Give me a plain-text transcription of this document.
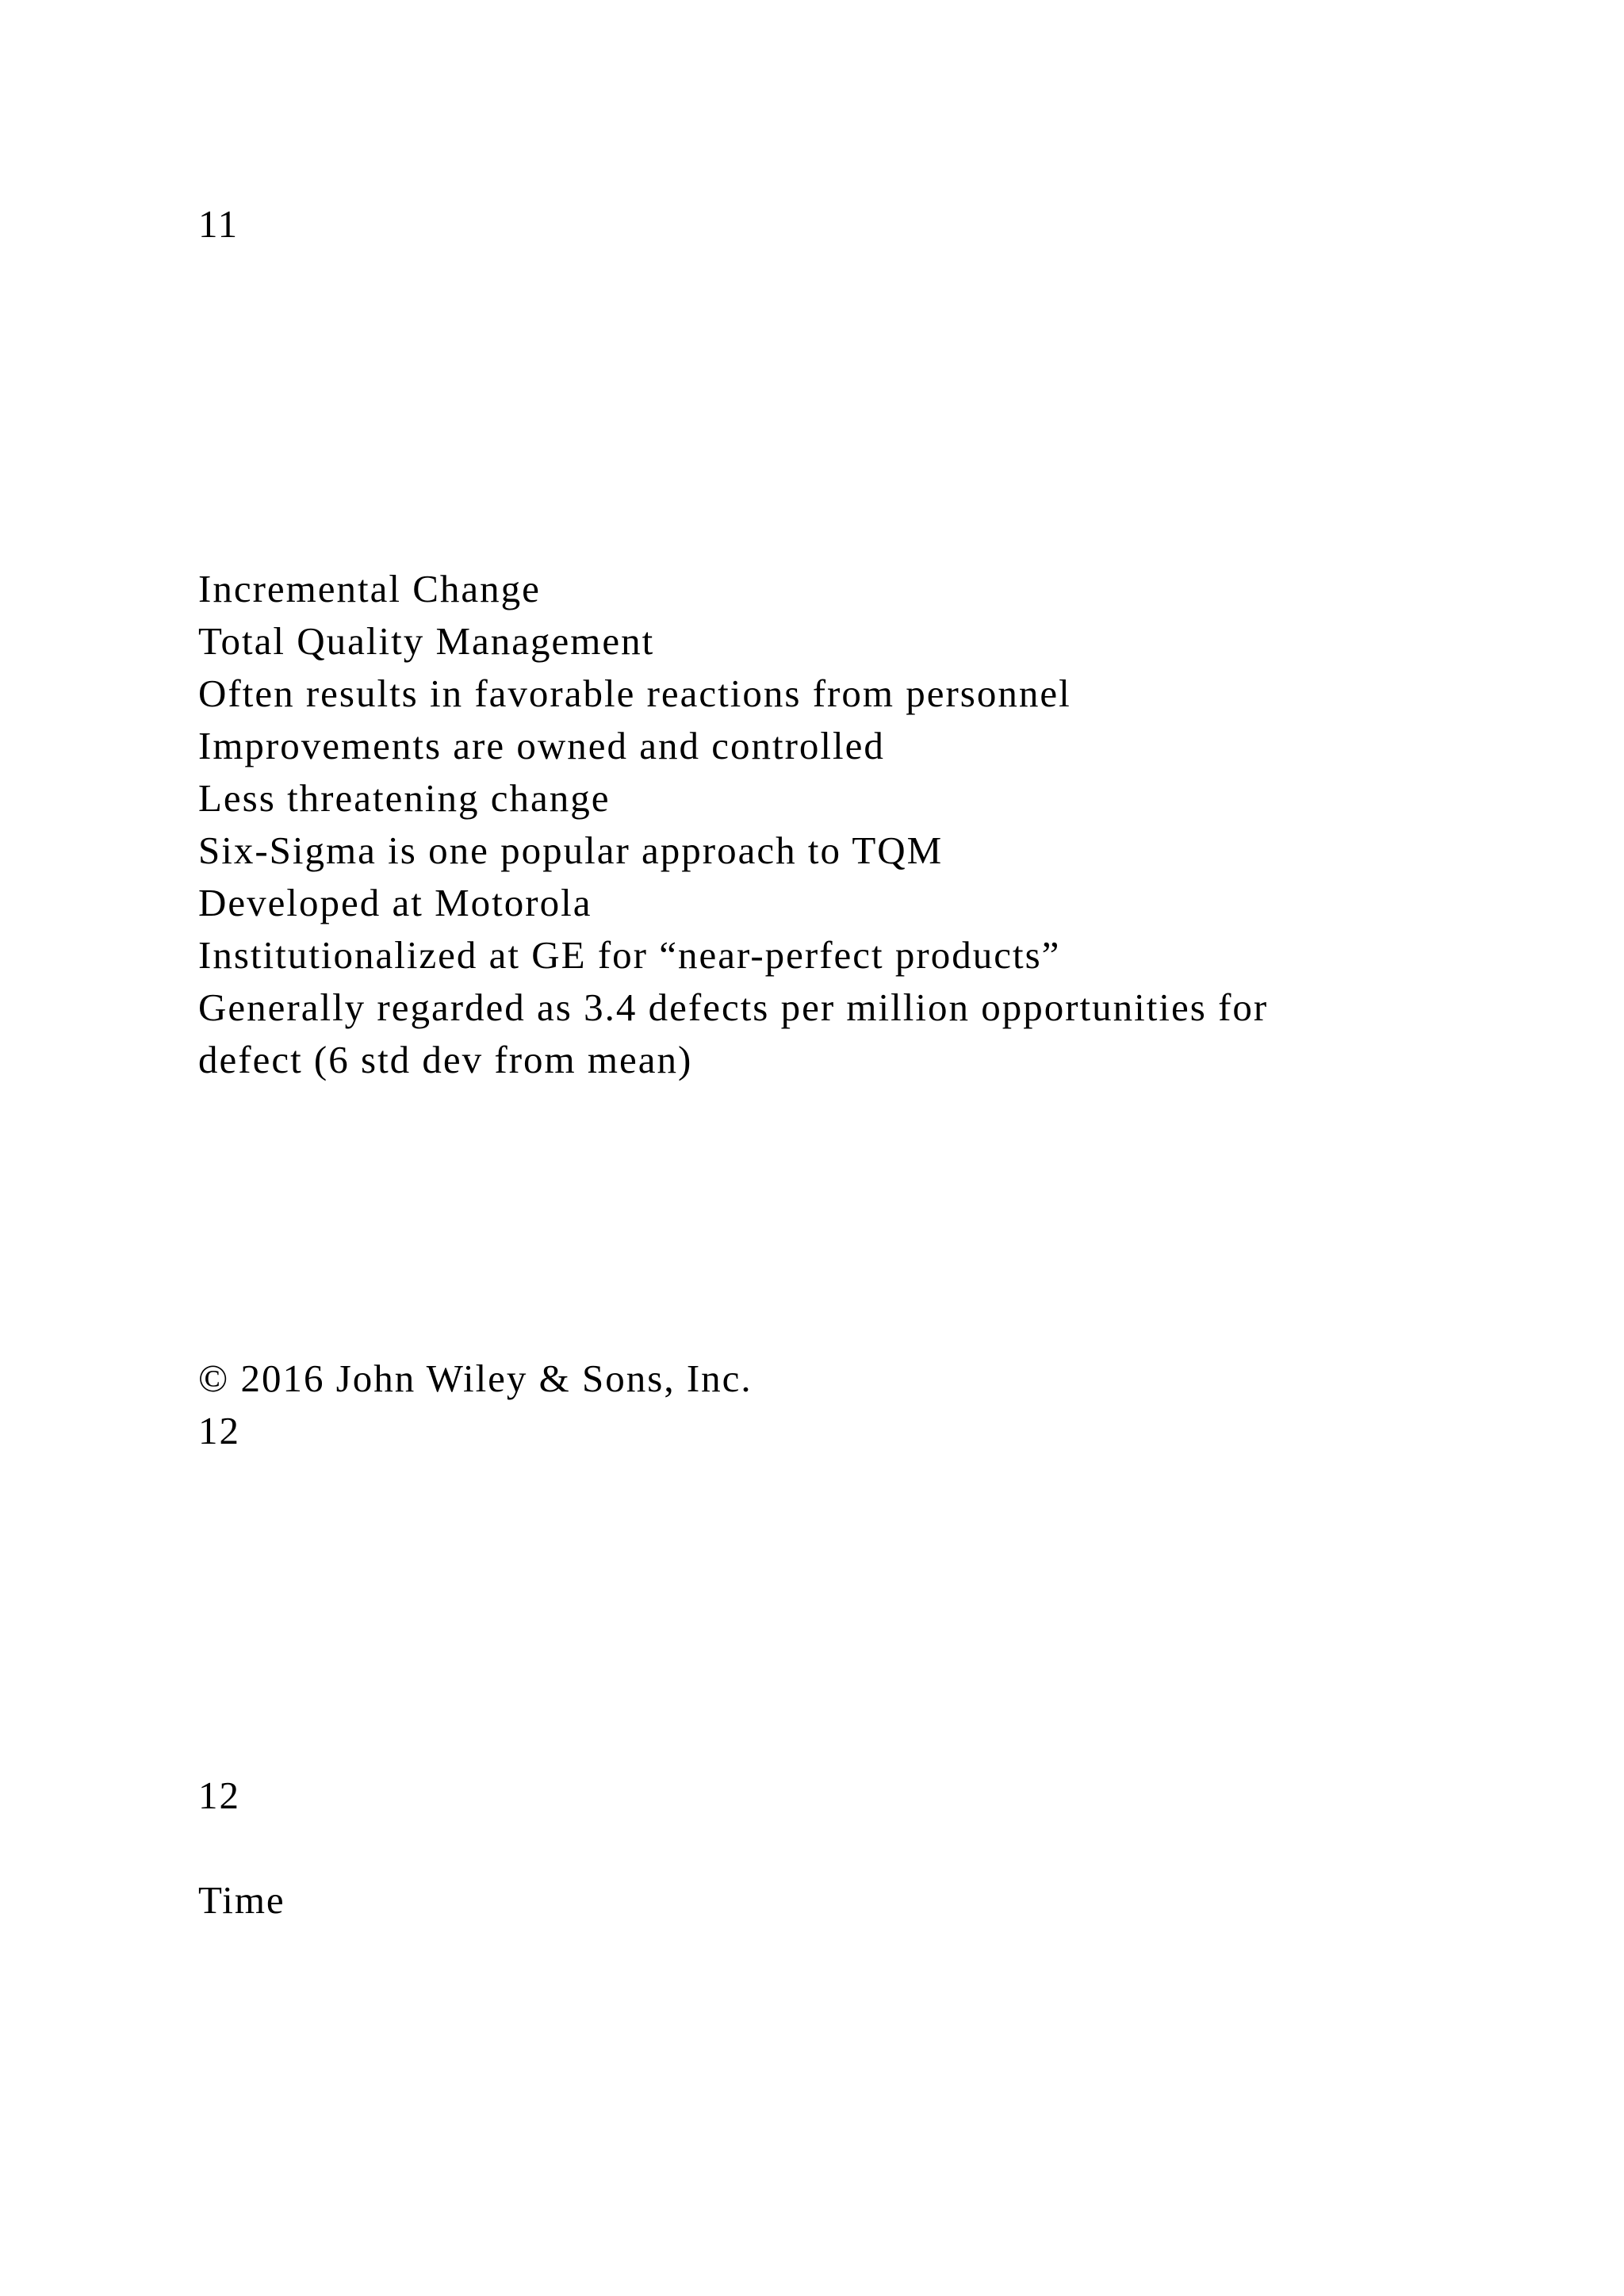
11

Incremental Change

Total Quality Management

Often results in favorable reactions from personnel

Improvements are owned and controlled

Less threatening change

Six-Sigma is one popular approach to TQM

Developed at Motorola

Institutionalized at GE for “near-perfect products”

Generally regarded as 3.4 defects per million opportunities for

defect (6 std dev from mean)

© 2016 John Wiley & Sons, Inc.

12

12

Time
